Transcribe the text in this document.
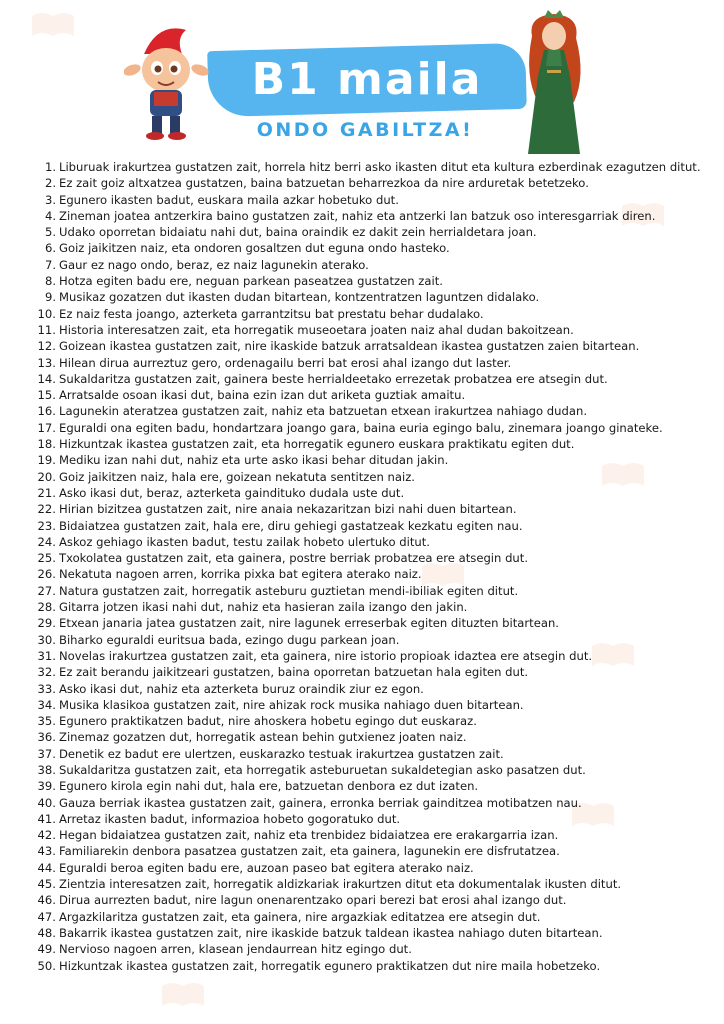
B1 maila
ONDO GABILTZA!
1. Liburuak irakurtzea gustatzen zait, horrela hitz berri asko ikasten ditut eta kultura ezberdinak ezagutzen ditut.
2. Ez zait goiz altxatzea gustatzen, baina batzuetan beharrezkoa da nire arduretak betetzeko.
3. Egunero ikasten badut, euskara maila azkar hobetuko dut.
4. Zineman joatea antzerkira baino gustatzen zait, nahiz eta antzerki lan batzuk oso interesgarriak diren.
5. Udako oporretan bidaiatu nahi dut, baina oraindik ez dakit zein herrialdetara joan.
6. Goiz jaikitzen naiz, eta ondoren gosaltzen dut eguna ondo hasteko.
7. Gaur ez nago ondo, beraz, ez naiz lagunekin aterako.
8. Hotza egiten badu ere, neguan parkean paseatzea gustatzen zait.
9. Musikaz gozatzen dut ikasten dudan bitartean, kontzentratzen laguntzen didalako.
10. Ez naiz festa joango, azterketa garrantzitsu bat prestatu behar dudalako.
11. Historia interesatzen zait, eta horregatik museoetara joaten naiz ahal dudan bakoitzean.
12. Goizean ikastea gustatzen zait, nire ikaskide batzuk arratsaldean ikastea gustatzen zaien bitartean.
13. Hilean dirua aurreztuz gero, ordenagailu berri bat erosi ahal izango dut laster.
14. Sukaldaritza gustatzen zait, gainera beste herrialdeetako errezetak probatzea ere atsegin dut.
15. Arratsalde osoan ikasi dut, baina ezin izan dut ariketa guztiak amaitu.
16. Lagunekin ateratzea gustatzen zait, nahiz eta batzuetan etxean irakurtzea nahiago dudan.
17. Eguraldi ona egiten badu, hondartzara joango gara, baina euria egingo balu, zinemara joango ginateke.
18. Hizkuntzak ikastea gustatzen zait, eta horregatik egunero euskara praktikatu egiten dut.
19. Mediku izan nahi dut, nahiz eta urte asko ikasi behar ditudan jakin.
20. Goiz jaikitzen naiz, hala ere, goizean nekatuta sentitzen naiz.
21. Asko ikasi dut, beraz, azterketa gaindituko dudala uste dut.
22. Hirian bizitzea gustatzen zait, nire anaia nekazaritzan bizi nahi duen bitartean.
23. Bidaiatzea gustatzen zait, hala ere, diru gehiegi gastatzeak kezkatu egiten nau.
24. Askoz gehiago ikasten badut, testu zailak hobeto ulertuko ditut.
25. Txokolatea gustatzen zait, eta gainera, postre berriak probatzea ere atsegin dut.
26. Nekatuta nagoen arren, korrika pixka bat egitera aterako naiz.
27. Natura gustatzen zait, horregatik asteburu guztietan mendi-ibiliak egiten ditut.
28. Gitarra jotzen ikasi nahi dut, nahiz eta hasieran zaila izango den jakin.
29. Etxean janaria jatea gustatzen zait, nire lagunek erreserbak egiten dituzten bitartean.
30. Biharko eguraldi euritsua bada, ezingo dugu parkean joan.
31. Novelas irakurtzea gustatzen zait, eta gainera, nire istorio propioak idaztea ere atsegin dut.
32. Ez zait berandu jaikitzeari gustatzen, baina oporretan batzuetan hala egiten dut.
33. Asko ikasi dut, nahiz eta azterketa buruz oraindik ziur ez egon.
34. Musika klasikoa gustatzen zait, nire ahizak rock musika nahiago duen bitartean.
35. Egunero praktikatzen badut, nire ahoskera hobetu egingo dut euskaraz.
36. Zinemaz gozatzen dut, horregatik astean behin gutxienez joaten naiz.
37. Denetik ez badut ere ulertzen, euskarazko testuak irakurtzea gustatzen zait.
38. Sukaldaritza gustatzen zait, eta horregatik asteburuetan sukaldetegian asko pasatzen dut.
39. Egunero kirola egin nahi dut, hala ere, batzuetan denbora ez dut izaten.
40. Gauza berriak ikastea gustatzen zait, gainera, erronka berriak gainditzea motibatzen nau.
41. Arretaz ikasten badut, informazioa hobeto gogoratuko dut.
42. Hegan bidaiatzea gustatzen zait, nahiz eta trenbidez bidaiatzea ere erakargarria izan.
43. Familiarekin denbora pasatzea gustatzen zait, eta gainera, lagunekin ere disfrutatzea.
44. Eguraldi beroa egiten badu ere, auzoan paseo bat egitera aterako naiz.
45. Zientzia interesatzen zait, horregatik aldizkariak irakurtzen ditut eta dokumentalak ikusten ditut.
46. Dirua aurrezten badut, nire lagun onenarentzako opari berezi bat erosi ahal izango dut.
47. Argazkilaritza gustatzen zait, eta gainera, nire argazkiak editatzea ere atsegin dut.
48. Bakarrik ikastea gustatzen zait, nire ikaskide batzuk taldean ikastea nahiago duten bitartean.
49. Nervioso nagoen arren, klasean jendaurrean hitz egingo dut.
50. Hizkuntzak ikastea gustatzen zait, horregatik egunero praktikatzen dut nire maila hobetzeko.
